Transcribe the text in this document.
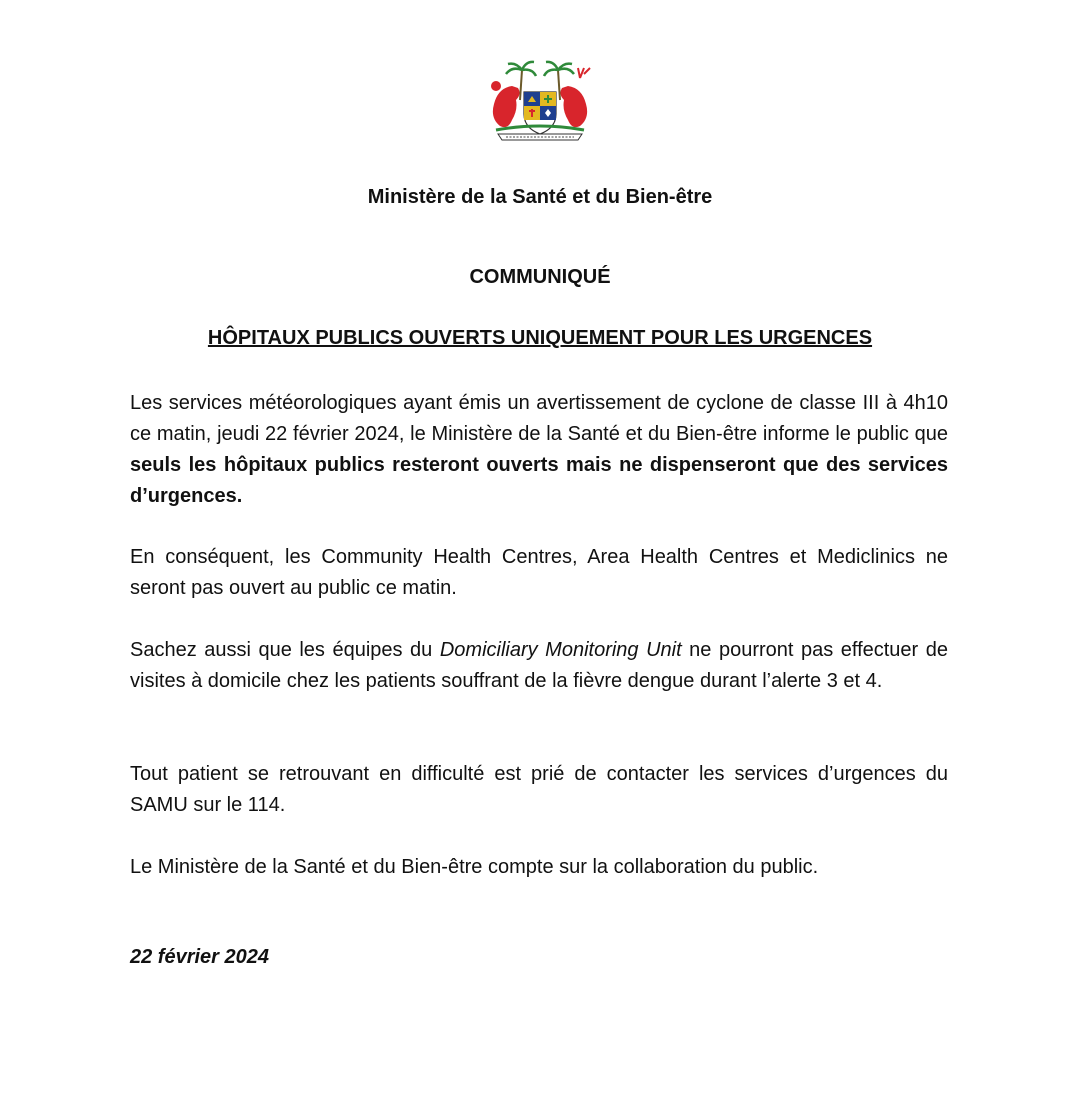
Ministère de la Santé et du Bien-être
COMMUNIQUÉ
HÔPITAUX PUBLICS OUVERTS UNIQUEMENT POUR LES URGENCES

Les services météorologiques ayant émis un avertissement de cyclone de classe III à 4h10 ce matin, jeudi 22 février 2024, le Ministère de la Santé et du Bien-être informe le public que seuls les hôpitaux publics resteront ouverts mais ne dispenseront que des services d’urgences.

En conséquent, les Community Health Centres, Area Health Centres et Mediclinics ne seront pas ouvert au public ce matin.

Sachez aussi que les équipes du Domiciliary Monitoring Unit ne pourront pas effectuer de visites à domicile chez les patients souffrant de la fièvre dengue durant l’alerte 3 et 4.

Tout patient se retrouvant en difficulté est prié de contacter les services d’urgences du SAMU sur le 114.

Le Ministère de la Santé et du Bien-être compte sur la collaboration du public.

22 février 2024
